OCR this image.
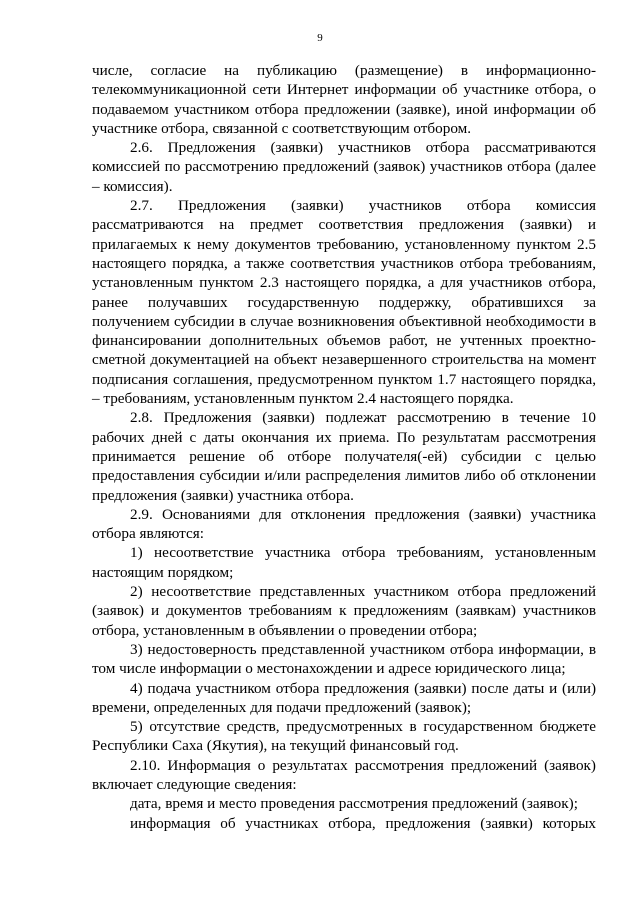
9

числе, согласие на публикацию (размещение) в информационно-

телекоммуникационной сети Интернет информации об участнике отбора, о

подаваемом участником отбора предложении (заявке), иной информации об

участнике отбора, связанной с соответствующим отбором.

2.6. Предложения (заявки) участников отбора рассматриваются

комиссией по рассмотрению предложений (заявок) участников отбора (далее

– комиссия).

2.7. Предложения (заявки) участников отбора комиссия

рассматриваются на предмет соответствия предложения (заявки) и

прилагаемых к нему документов требованию, установленному пунктом 2.5

настоящего порядка, а также соответствия участников отбора требованиям,

установленным пунктом 2.3 настоящего порядка, а для участников отбора,

ранее получавших государственную поддержку, обратившихся за

получением субсидии в случае возникновения объективной необходимости в

финансировании дополнительных объемов работ, не учтенных проектно-

сметной документацией на объект незавершенного строительства на момент

подписания соглашения, предусмотренном пунктом 1.7 настоящего порядка,

– требованиям, установленным пунктом 2.4 настоящего порядка.

2.8. Предложения (заявки) подлежат рассмотрению в течение 10

рабочих дней с даты окончания их приема. По результатам рассмотрения

принимается решение об отборе получателя(-ей) субсидии с целью

предоставления субсидии и/или распределения лимитов либо об отклонении

предложения (заявки) участника отбора.

2.9. Основаниями для отклонения предложения (заявки) участника

отбора являются:

1) несоответствие участника отбора требованиям, установленным

настоящим порядком;

2) несоответствие представленных участником отбора предложений

(заявок) и документов требованиям к предложениям (заявкам) участников

отбора, установленным в объявлении о проведении отбора;

3) недостоверность представленной участником отбора информации, в

том числе информации о местонахождении и адресе юридического лица;

4) подача участником отбора предложения (заявки) после даты и (или)

времени, определенных для подачи предложений (заявок);

5) отсутствие средств, предусмотренных в государственном бюджете

Республики Саха (Якутия), на текущий финансовый год.

2.10. Информация о результатах рассмотрения предложений (заявок)

включает следующие сведения:

дата, время и место проведения рассмотрения предложений (заявок);

информация об участниках отбора, предложения (заявки) которых
